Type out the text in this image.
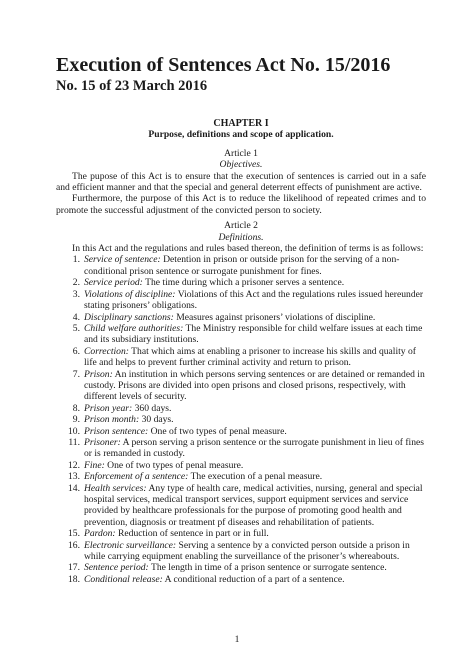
Execution of Sentences Act No. 15/2016
No. 15 of 23 March 2016
CHAPTER I
Purpose, definitions and scope of application.
Article 1
Objectives.

The pupose of this Act is to ensure that the execution of sentences is carried out in a safe and efficient manner and that the special and general deterrent effects of punishment are active.

Furthermore, the purpose of this Act is to reduce the likelihood of repeated crimes and to promote the successful adjustment of the convicted person to society.

Article 2
Definitions.

In this Act and the regulations and rules based thereon, the definition of terms is as follows:

1. Service of sentence: Detention in prison or outside prison for the serving of a non-conditional prison sentence or surrogate punishment for fines.
2. Service period: The time during which a prisoner serves a sentence.
3. Violations of discipline: Violations of this Act and the regulations rules issued hereunder stating prisoners’ obligations.
4. Disciplinary sanctions: Measures against prisoners’ violations of discipline.
5. Child welfare authorities: The Ministry responsible for child welfare issues at each time and its subsidiary institutions.
6. Correction: That which aims at enabling a prisoner to increase his skills and quality of life and helps to prevent further criminal activity and return to prison.
7. Prison: An institution in which persons serving sentences or are detained or remanded in custody. Prisons are divided into open prisons and closed prisons, respectively, with different levels of security.
8. Prison year: 360 days.
9. Prison month: 30 days.
10. Prison sentence: One of two types of penal measure.
11. Prisoner: A person serving a prison sentence or the surrogate punishment in lieu of fines or is remanded in custody.
12. Fine: One of two types of penal measure.
13. Enforcement of a sentence: The execution of a penal measure.
14. Health services: Any type of health care, medical activities, nursing, general and special hospital services, medical transport services, support equipment services and service provided by healthcare professionals for the purpose of promoting good health and prevention, diagnosis or treatment pf diseases and rehabilitation of patients.
15. Pardon: Reduction of sentence in part or in full.
16. Electronic surveillance: Serving a sentence by a convicted person outside a prison in while carrying equipment enabling the surveillance of the prisoner’s whereabouts.
17. Sentence period: The length in time of a prison sentence or surrogate sentence.
18. Conditional release: A conditional reduction of a part of a sentence.
1
